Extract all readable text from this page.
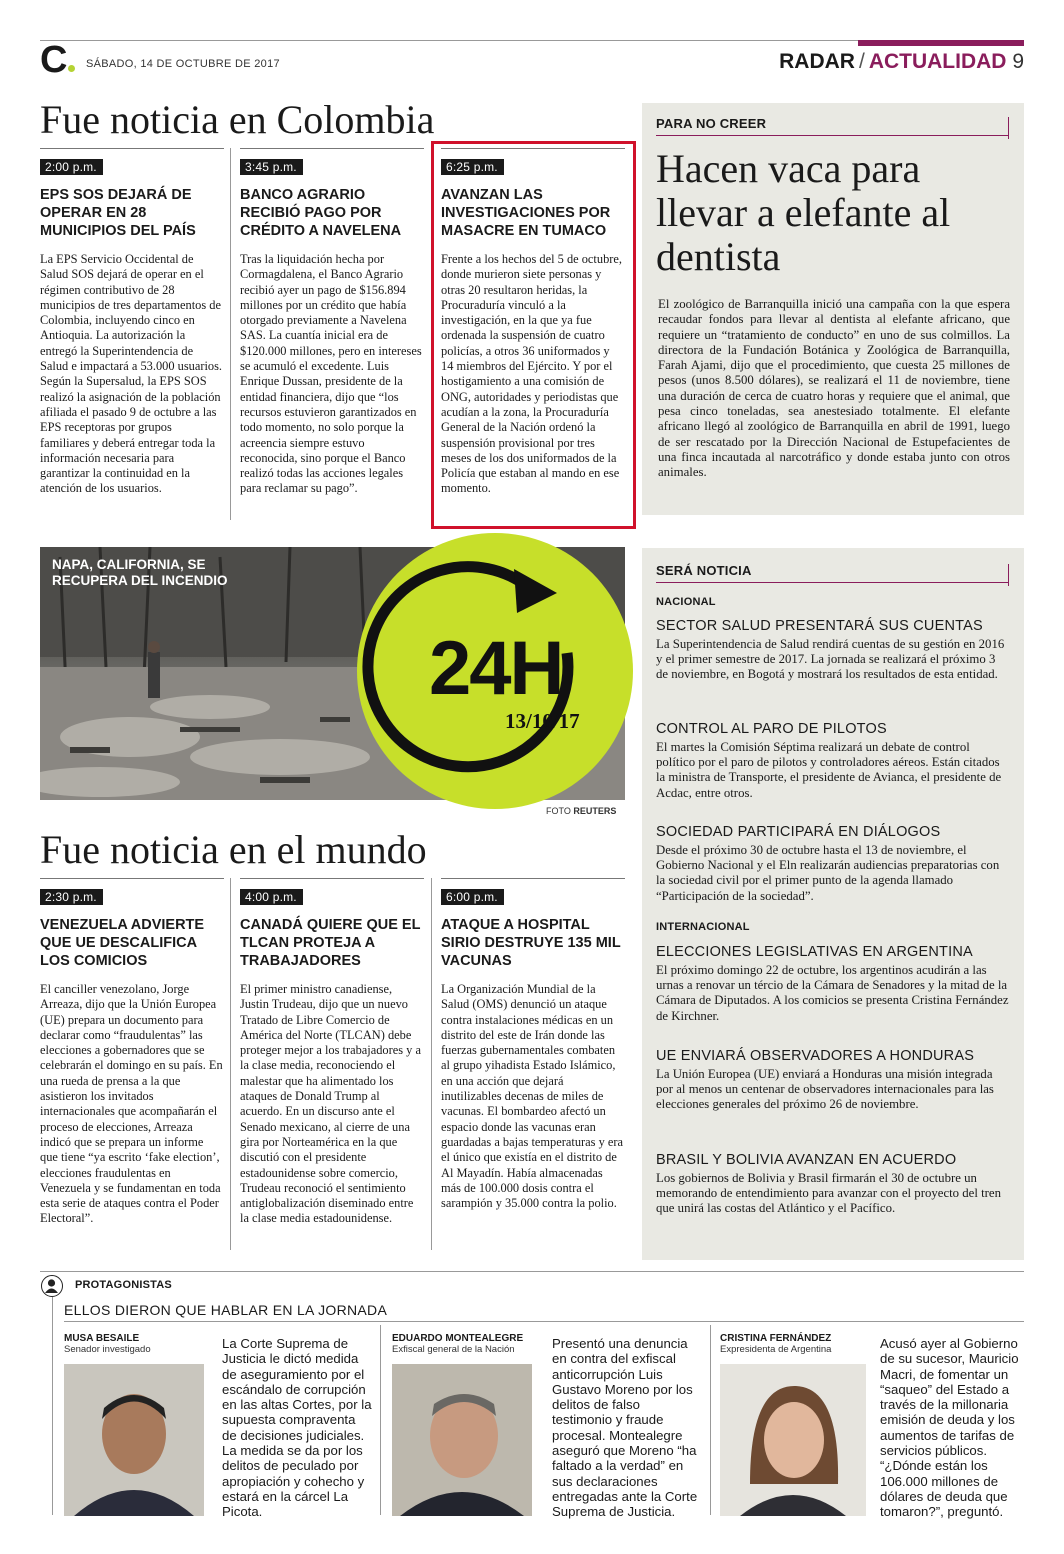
C	SÁBADO, 14 DE OCTUBRE DE 2017	RADAR / ACTUALIDAD 9
Fue noticia en Colombia
2:00 p.m.
EPS SOS DEJARÁ DE OPERAR EN 28 MUNICIPIOS DEL PAÍS
La EPS Servicio Occidental de Salud SOS dejará de operar en el régimen contributivo de 28 municipios de tres departamentos de Colombia, incluyendo cinco en Antioquia. La autorización la entregó la Superintendencia de Salud e impactará a 53.000 usuarios. Según la Supersalud, la EPS SOS realizó la asignación de la población afiliada el pasado 9 de octubre a las EPS receptoras por grupos familiares y deberá entregar toda la información necesaria para garantizar la continuidad en la atención de los usuarios.
3:45 p.m.
BANCO AGRARIO RECIBIÓ PAGO POR CRÉDITO A NAVELENA
Tras la liquidación hecha por Cormagdalena, el Banco Agrario recibió ayer un pago de $156.894 millones por un crédito que había otorgado previamente a Navelena SAS. La cuantía inicial era de $120.000 millones, pero en intereses se acumuló el excedente. Luis Enrique Dussan, presidente de la entidad financiera, dijo que “los recursos estuvieron garantizados en todo momento, no solo porque la acreencia siempre estuvo reconocida, sino porque el Banco realizó todas las acciones legales para reclamar su pago”.
6:25 p.m.
AVANZAN LAS INVESTIGACIONES POR MASACRE EN TUMACO
Frente a los hechos del 5 de octubre, donde murieron siete personas y otras 20 resultaron heridas, la Procuraduría vinculó a la investigación, en la que ya fue ordenada la suspensión de cuatro policías, a otros 36 uniformados y 14 miembros del Ejército. Y por el hostigamiento a una comisión de ONG, autoridades y periodistas que acudían a la zona, la Procuraduría General de la Nación ordenó la suspensión provisional por tres meses de los dos uniformados de la Policía que estaban al mando en ese momento.
PARA NO CREER
Hacen vaca para llevar a elefante al dentista
El zoológico de Barranquilla inició una campaña con la que espera recaudar fondos para llevar al dentista al elefante africano, que requiere un “tratamiento de conducto” en uno de sus colmillos. La directora de la Fundación Botánica y Zoológica de Barranquilla, Farah Ajami, dijo que el procedimiento, que cuesta 25 millones de pesos (unos 8.500 dólares), se realizará el 11 de noviembre, tiene una duración de cerca de cuatro horas y requiere que el animal, que pesa cinco toneladas, sea anestesiado totalmente. El elefante africano llegó al zoológico de Barranquilla en abril de 1991, luego de ser rescatado por la Dirección Nacional de Estupefacientes de una finca incautada al narcotráfico y donde estaba junto con otros animales.
NAPA, CALIFORNIA, SE RECUPERA DEL INCENDIO
24H
13/10/17
FOTO REUTERS
Fue noticia en el mundo
2:30 p.m.
VENEZUELA ADVIERTE QUE UE DESCALIFICA LOS COMICIOS
El canciller venezolano, Jorge Arreaza, dijo que la Unión Europea (UE) prepara un documento para declarar como “fraudulentas” las elecciones a gobernadores que se celebrarán el domingo en su país. En una rueda de prensa a la que asistieron los invitados internacionales que acompañarán el proceso de elecciones, Arreaza indicó que se prepara un informe que tiene “ya escrito ‘fake election’, elecciones fraudulentas en Venezuela y se fundamentan en toda esta serie de ataques contra el Poder Electoral”.
4:00 p.m.
CANADÁ QUIERE QUE EL TLCAN PROTEJA A TRABAJADORES
El primer ministro canadiense, Justin Trudeau, dijo que un nuevo Tratado de Libre Comercio de América del Norte (TLCAN) debe proteger mejor a los trabajadores y a la clase media, reconociendo el malestar que ha alimentado los ataques de Donald Trump al acuerdo. En un discurso ante el Senado mexicano, al cierre de una gira por Norteamérica en la que discutió con el presidente estadounidense sobre comercio, Trudeau reconoció el sentimiento antiglobalización diseminado entre la clase media estadounidense.
6:00 p.m.
ATAQUE A HOSPITAL SIRIO DESTRUYE 135 MIL VACUNAS
La Organización Mundial de la Salud (OMS) denunció un ataque contra instalaciones médicas en un distrito del este de Irán donde las fuerzas gubernamentales combaten al grupo yihadista Estado Islámico, en una acción que dejará inutilizables decenas de miles de vacunas. El bombardeo afectó un espacio donde las vacunas eran guardadas a bajas temperaturas y era el único que existía en el distrito de Al Mayadín. Había almacenadas más de 100.000 dosis contra el sarampión y 35.000 contra la polio.
SERÁ NOTICIA
NACIONAL
SECTOR SALUD PRESENTARÁ SUS CUENTAS
La Superintendencia de Salud rendirá cuentas de su gestión en 2016 y el primer semestre de 2017. La jornada se realizará el próximo 3 de noviembre, en Bogotá y mostrará los resultados de esta entidad.
CONTROL AL PARO DE PILOTOS
El martes la Comisión Séptima realizará un debate de control político por el paro de pilotos y controladores aéreos. Están citados la ministra de Transporte, el presidente de Avianca, el presidente de Acdac, entre otros.
SOCIEDAD PARTICIPARÁ EN DIÁLOGOS
Desde el próximo 30 de octubre hasta el 13 de noviembre, el Gobierno Nacional y el Eln realizarán audiencias preparatorias con la sociedad civil por el primer punto de la agenda llamado “Participación de la sociedad”.
INTERNACIONAL
ELECCIONES LEGISLATIVAS EN ARGENTINA
El próximo domingo 22 de octubre, los argentinos acudirán a las urnas a renovar un tércio de la Cámara de Senadores y la mitad de la Cámara de Diputados. A los comicios se presenta Cristina Fernández de Kirchner.
UE ENVIARÁ OBSERVADORES A HONDURAS
La Unión Europea (UE) enviará a Honduras una misión integrada por al menos un centenar de observadores internacionales para las elecciones generales del próximo 26 de noviembre.
BRASIL Y BOLIVIA AVANZAN EN ACUERDO
Los gobiernos de Bolivia y Brasil firmarán el 30 de octubre un memorando de entendimiento para avanzar con el proyecto del tren que unirá las costas del Atlántico y el Pacífico.
PROTAGONISTAS
ELLOS DIERON QUE HABLAR EN LA JORNADA
MUSA BESAILE
Senador investigado	La Corte Suprema de Justicia le dictó medida de aseguramiento por el escándalo de corrupción en las altas Cortes, por la supuesta compraventa de decisiones judiciales. La medida se da por los delitos de peculado por apropiación y cohecho y estará en la cárcel La Picota.
EDUARDO MONTEALEGRE
Exfiscal general de la Nación	Presentó una denuncia en contra del exfiscal anticorrupción Luis Gustavo Moreno por los delitos de falso testimonio y fraude procesal. Montealegre aseguró que Moreno “ha faltado a la verdad” en sus declaraciones entregadas ante la Corte Suprema de Justicia.
CRISTINA FERNÁNDEZ
Expresidenta de Argentina	Acusó ayer al Gobierno de su sucesor, Mauricio Macri, de fomentar un “saqueo” del Estado a través de la millonaria emisión de deuda y los aumentos de tarifas de servicios públicos. “¿Dónde están los 106.000 millones de dólares de deuda que tomaron?”, preguntó.
